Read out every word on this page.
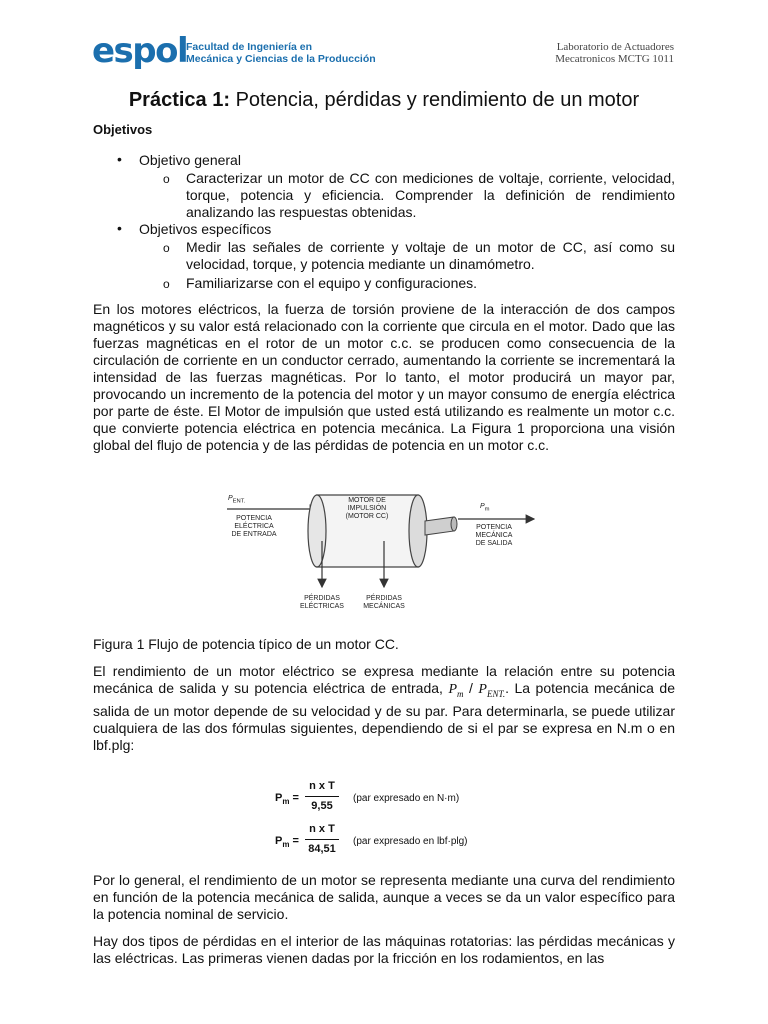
espol
Facultad de Ingeniería en
Mecánica y Ciencias de la Producción
Laboratorio de Actuadores
Mecatronicos MCTG 1011
Práctica 1: Potencia, pérdidas y rendimiento de un motor
Objetivos
• Objetivo general
o Caracterizar un motor de CC con mediciones de voltaje, corriente, velocidad, torque, potencia y eficiencia. Comprender la definición de rendimiento analizando las respuestas obtenidas.
• Objetivos específicos
o Medir las señales de corriente y voltaje de un motor de CC, así como su velocidad, torque, y potencia mediante un dinamómetro.
o Familiarizarse con el equipo y configuraciones.

En los motores eléctricos, la fuerza de torsión proviene de la interacción de dos campos magnéticos y su valor está relacionado con la corriente que circula en el motor. Dado que las fuerzas magnéticas en el rotor de un motor c.c. se producen como consecuencia de la circulación de corriente en un conductor cerrado, aumentando la corriente se incrementará la intensidad de las fuerzas magnéticas. Por lo tanto, el motor producirá un mayor par, provocando un incremento de la potencia del motor y un mayor consumo de energía eléctrica por parte de éste. El Motor de impulsión que usted está utilizando es realmente un motor c.c. que convierte potencia eléctrica en potencia mecánica. La Figura 1 proporciona una visión global del flujo de potencia y de las pérdidas de potencia en un motor c.c.

$P_{ENT.}$
POTENCIA
ELÉCTRICA
DE ENTRADA
MOTOR DE
IMPULSIÓN
(MOTOR CC)
$P_m$
POTENCIA
MECÁNICA
DE SALIDA
PÉRDIDAS
ELÉCTRICAS
PÉRDIDAS
MECÁNICAS

Figura 1 Flujo de potencia típico de un motor CC.

El rendimiento de un motor eléctrico se expresa mediante la relación entre su potencia mecánica de salida y su potencia eléctrica de entrada, $P_m / P_{ENT.}$. La potencia mecánica de salida de un motor depende de su velocidad y de su par. Para determinarla, se puede utilizar cualquiera de las dos fórmulas siguientes, dependiendo de si el par se expresa en N.m o en lbf.plg:

$P_m = \frac{\text{n x T}}{9,55} (par$ expresado en N·m)
$P_m = \frac{\text{n x T}}{84,51} (par$ expresado en lbf·plg)

Por lo general, el rendimiento de un motor se representa mediante una curva del rendimiento en función de la potencia mecánica de salida, aunque a veces se da un valor específico para la potencia nominal de servicio.

Hay dos tipos de pérdidas en el interior de las máquinas rotatorias: las pérdidas mecánicas y las eléctricas. Las primeras vienen dadas por la fricción en los rodamientos, en las
